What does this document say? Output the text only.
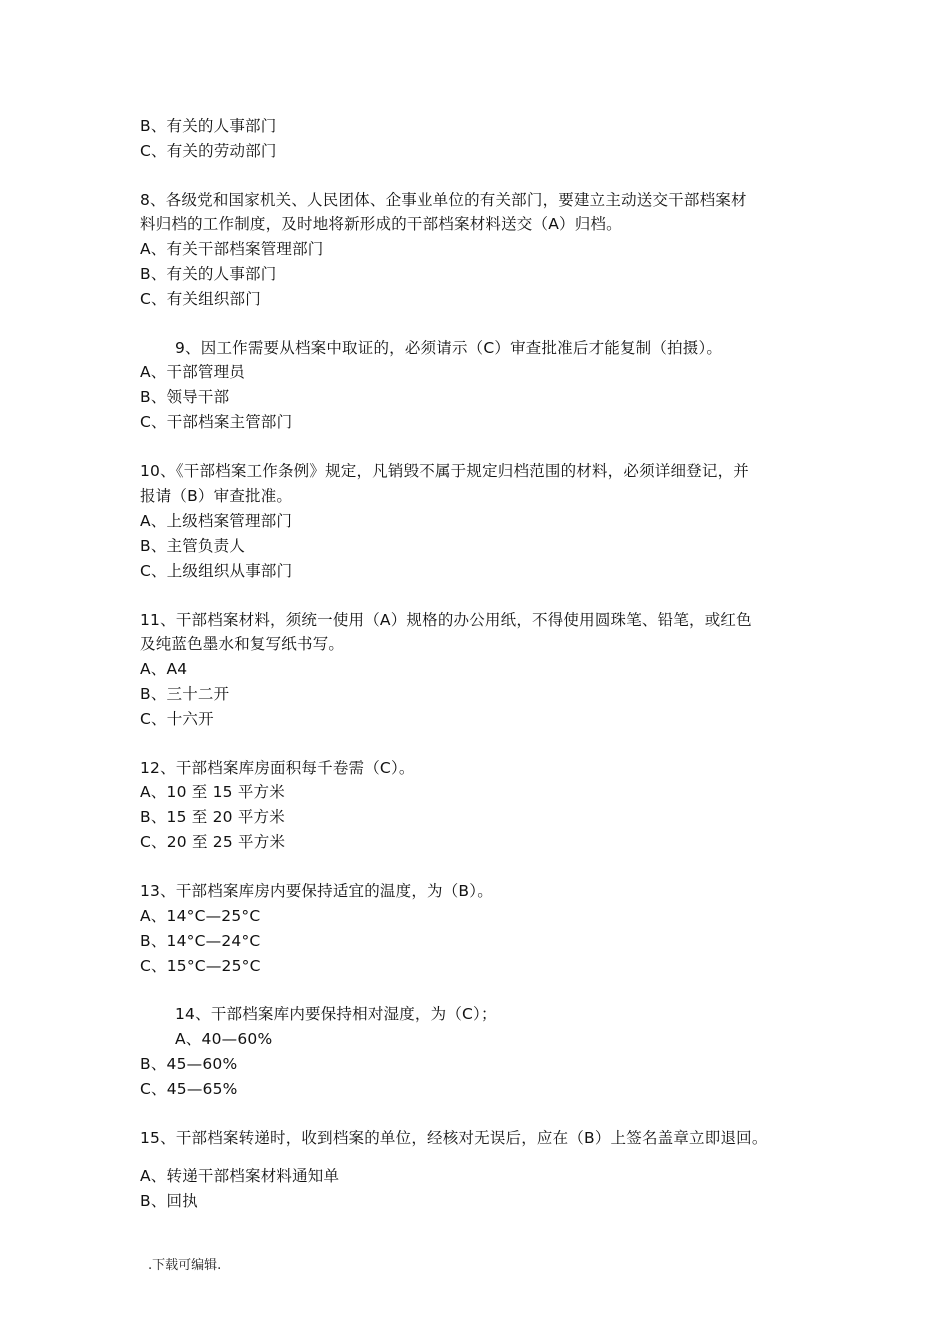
B、有关的人事部门
C、有关的劳动部门
8、各级党和国家机关、人民团体、企事业单位的有关部门，要建立主动送交干部档案材
料归档的工作制度，及时地将新形成的干部档案材料送交（A）归档。
A、有关干部档案管理部门
B、有关的人事部门
C、有关组织部门
9、因工作需要从档案中取证的，必须请示（C）审查批准后才能复制（拍摄）。
A、干部管理员
B、领导干部
C、干部档案主管部门
10、《干部档案工作条例》规定，凡销毁不属于规定归档范围的材料，必须详细登记，并
报请（B）审查批准。
A、上级档案管理部门
B、主管负责人
C、上级组织从事部门
11、干部档案材料，须统一使用（A）规格的办公用纸，不得使用圆珠笔、铅笔，或红色
及纯蓝色墨水和复写纸书写。
A、A4
B、三十二开
C、十六开
12、干部档案库房面积每千卷需（C）。
A、10 至 15 平方米
B、15 至 20 平方米
C、20 至 25 平方米
13、干部档案库房内要保持适宜的温度，为（B）。
A、14°C—25°C
B、14°C—24°C
C、15°C—25°C
14、干部档案库内要保持相对湿度，为（C）；
A、40—60%
B、45—60%
C、45—65%
15、干部档案转递时，收到档案的单位，经核对无误后，应在（B）上签名盖章立即退回。
A、转递干部档案材料通知单
B、回执
.下载可编辑.
